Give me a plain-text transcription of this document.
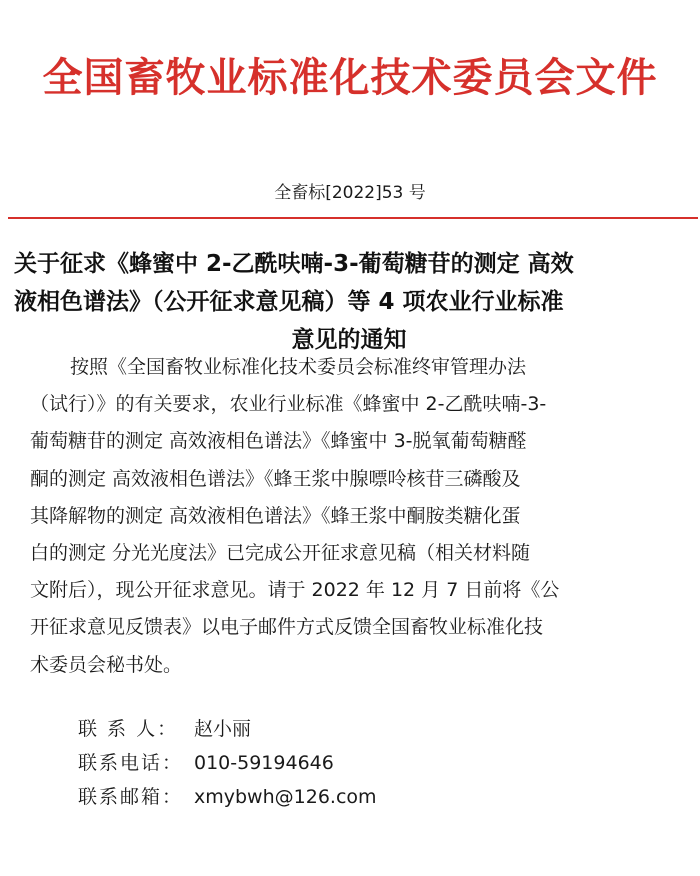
全国畜牧业标准化技术委员会文件
全畜标[2022]53 号
关于征求《蜂蜜中 2-乙酰呋喃-3-葡萄糖苷的测定 高效
液相色谱法》（公开征求意见稿）等 4 项农业行业标准
意见的通知
按照《全国畜牧业标准化技术委员会标准终审管理办法
（试行）》的有关要求，农业行业标准《蜂蜜中 2-乙酰呋喃-3-
葡萄糖苷的测定 高效液相色谱法》《蜂蜜中 3-脱氧葡萄糖醛
酮的测定 高效液相色谱法》《蜂王浆中腺嘌呤核苷三磷酸及
其降解物的测定 高效液相色谱法》《蜂王浆中酮胺类糖化蛋
白的测定 分光光度法》已完成公开征求意见稿（相关材料随
文附后），现公开征求意见。请于 2022 年 12 月 7 日前将《公
开征求意见反馈表》以电子邮件方式反馈全国畜牧业标准化技
术委员会秘书处。
联 系 人： 赵小丽
联系电话： 010-59194646
联系邮箱： xmybwh@126.com
